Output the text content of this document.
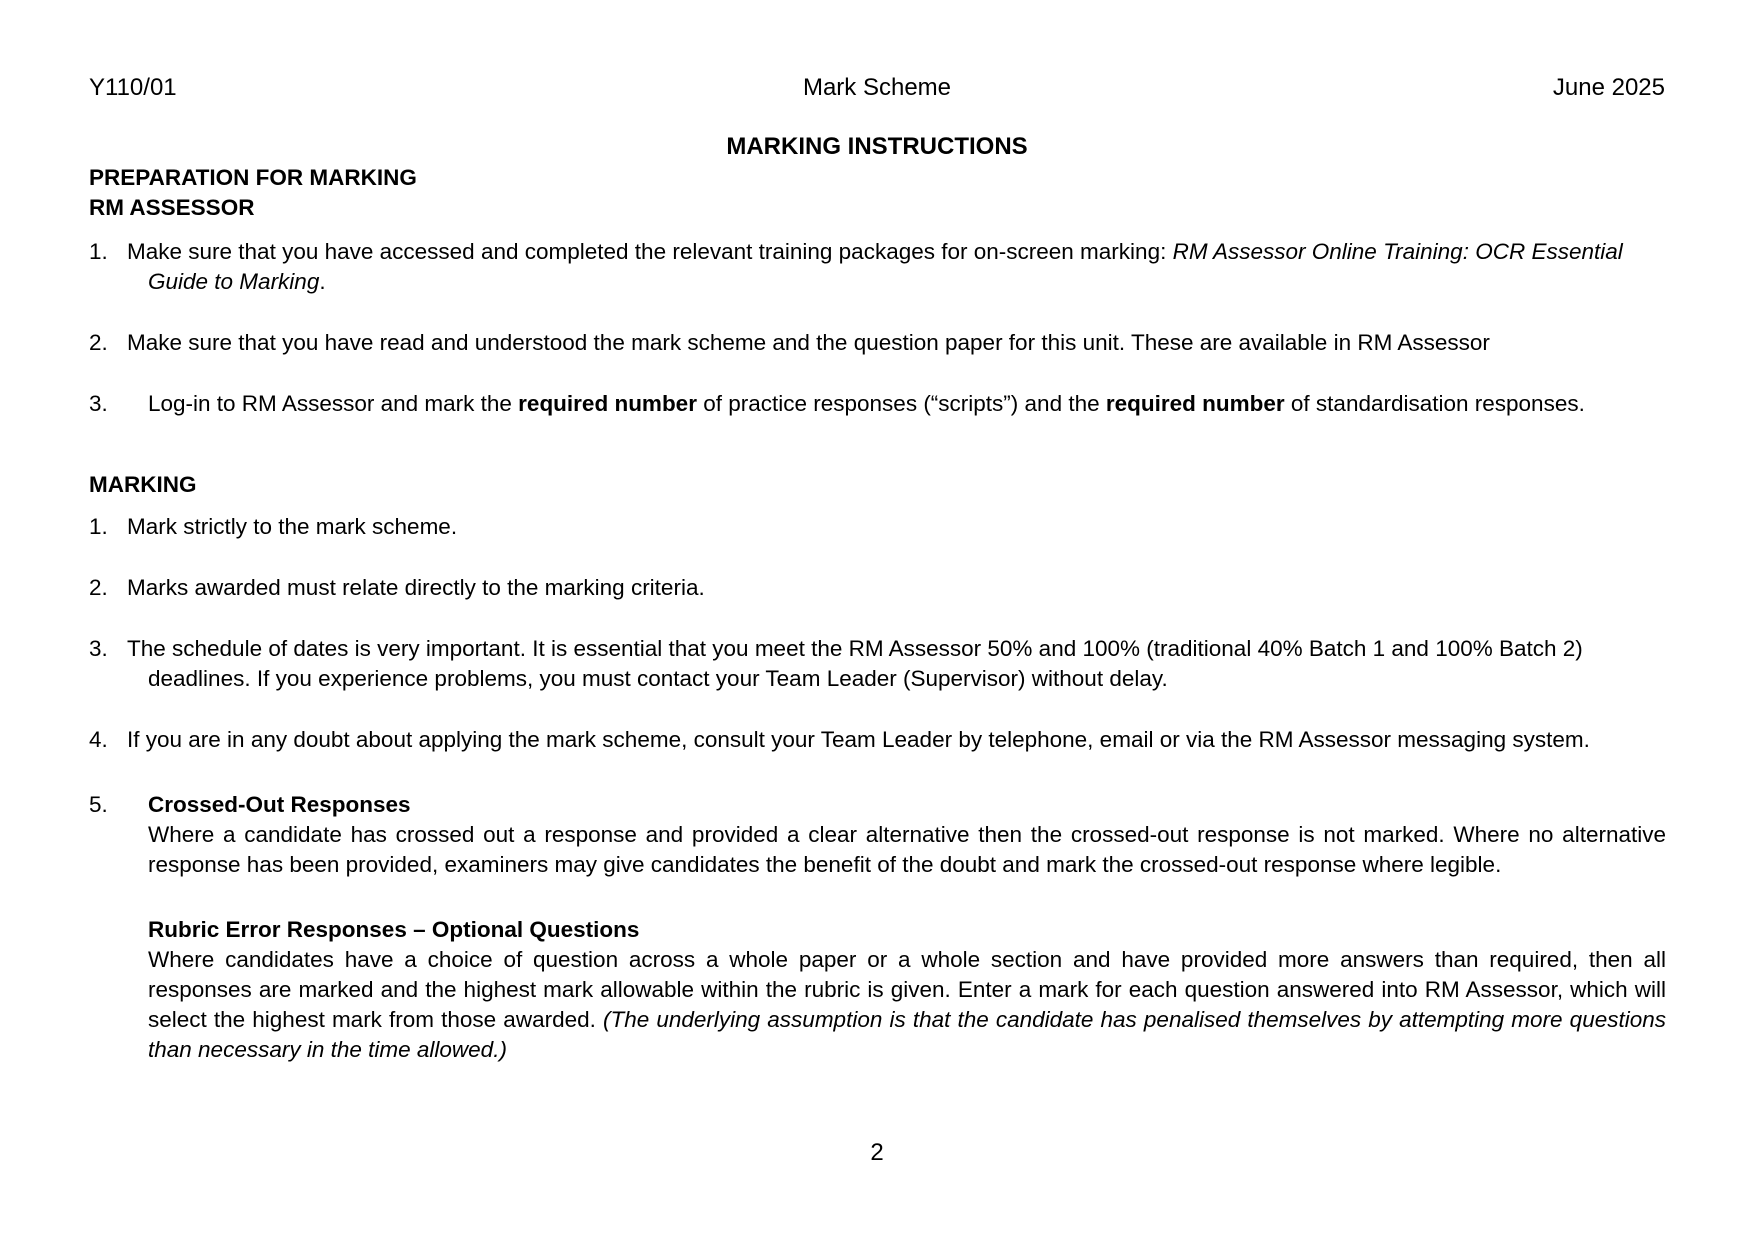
Y110/01	Mark Scheme	June 2025
MARKING INSTRUCTIONS
PREPARATION FOR MARKING
RM ASSESSOR
1. Make sure that you have accessed and completed the relevant training packages for on-screen marking: RM Assessor Online Training: OCR Essential
Guide to Marking.
2. Make sure that you have read and understood the mark scheme and the question paper for this unit. These are available in RM Assessor
3. Log-in to RM Assessor and mark the required number of practice responses (“scripts”) and the required number of standardisation responses.
MARKING
1. Mark strictly to the mark scheme.
2. Marks awarded must relate directly to the marking criteria.
3. The schedule of dates is very important. It is essential that you meet the RM Assessor 50% and 100% (traditional 40% Batch 1 and 100% Batch 2)
deadlines. If you experience problems, you must contact your Team Leader (Supervisor) without delay.
4. If you are in any doubt about applying the mark scheme, consult your Team Leader by telephone, email or via the RM Assessor messaging system.
5. Crossed-Out Responses
Where a candidate has crossed out a response and provided a clear alternative then the crossed-out response is not marked. Where no alternative response has been provided, examiners may give candidates the benefit of the doubt and mark the crossed-out response where legible.
Rubric Error Responses – Optional Questions
Where candidates have a choice of question across a whole paper or a whole section and have provided more answers than required, then all responses are marked and the highest mark allowable within the rubric is given. Enter a mark for each question answered into RM Assessor, which will select the highest mark from those awarded. (The underlying assumption is that the candidate has penalised themselves by attempting more questions than necessary in the time allowed.)
2
